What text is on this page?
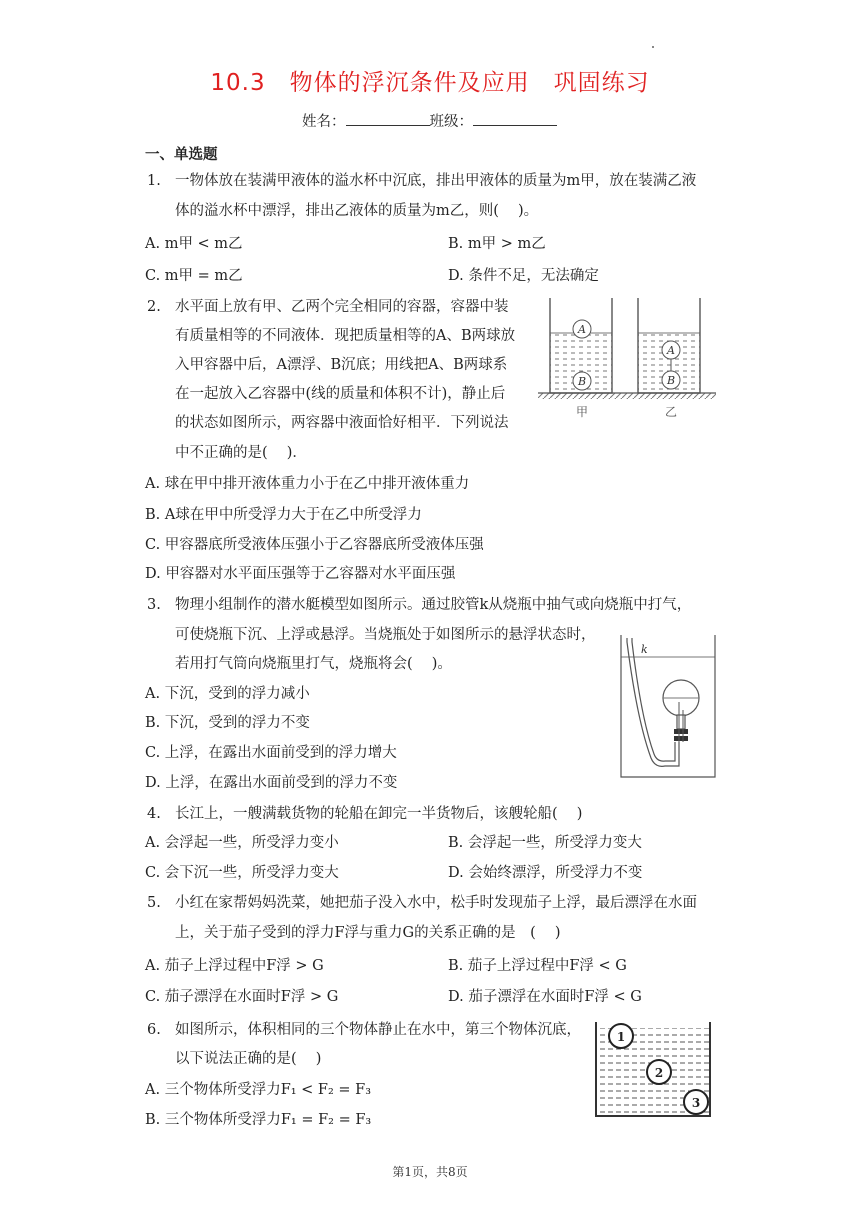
10.3　物体的浮沉条件及应用　巩固练习
姓名：	班级：
一、单选题
1. 一物体放在装满甲液体的溢水杯中沉底，排出甲液体的质量为m甲，放在装满乙液
体的溢水杯中漂浮，排出乙液体的质量为m乙，则(　 )。
A. m甲 < m乙	B. m甲 > m乙
C. m甲 = m乙	D. 条件不足，无法确定
2. 水平面上放有甲、乙两个完全相同的容器，容器中装
有质量相等的不同液体．现把质量相等的A、B两球放
入甲容器中后，A漂浮、B沉底；用线把A、B两球系
在一起放入乙容器中(线的质量和体积不计)，静止后
的状态如图所示，两容器中液面恰好相平．下列说法
中不正确的是(　 )．
A
B
A
B
甲	乙
A. 球在甲中排开液体重力小于在乙中排开液体重力
B. A球在甲中所受浮力大于在乙中所受浮力
C. 甲容器底所受液体压强小于乙容器底所受液体压强
D. 甲容器对水平面压强等于乙容器对水平面压强
3. 物理小组制作的潜水艇模型如图所示。通过胶管k从烧瓶中抽气或向烧瓶中打气，
可使烧瓶下沉、上浮或悬浮。当烧瓶处于如图所示的悬浮状态时，
若用打气筒向烧瓶里打气，烧瓶将会(　 )。
k
A. 下沉，受到的浮力减小
B. 下沉，受到的浮力不变
C. 上浮，在露出水面前受到的浮力增大
D. 上浮，在露出水面前受到的浮力不变
4. 长江上，一艘满载货物的轮船在卸完一半货物后，该艘轮船(　 )
A. 会浮起一些，所受浮力变小	B. 会浮起一些，所受浮力变大
C. 会下沉一些，所受浮力变大	D. 会始终漂浮，所受浮力不变
5. 小红在家帮妈妈洗菜，她把茄子没入水中，松手时发现茄子上浮，最后漂浮在水面
上，关于茄子受到的浮力F浮与重力G的关系正确的是　(　 )
A. 茄子上浮过程中F浮 > G	B. 茄子上浮过程中F浮 < G
C. 茄子漂浮在水面时F浮 > G	D. 茄子漂浮在水面时F浮 < G
6. 如图所示，体积相同的三个物体静止在水中，第三个物体沉底，
以下说法正确的是(　 )
A. 三个物体所受浮力F₁ < F₂ = F₃
B. 三个物体所受浮力F₁ = F₂ = F₃
1
2
3
第1页，共8页
